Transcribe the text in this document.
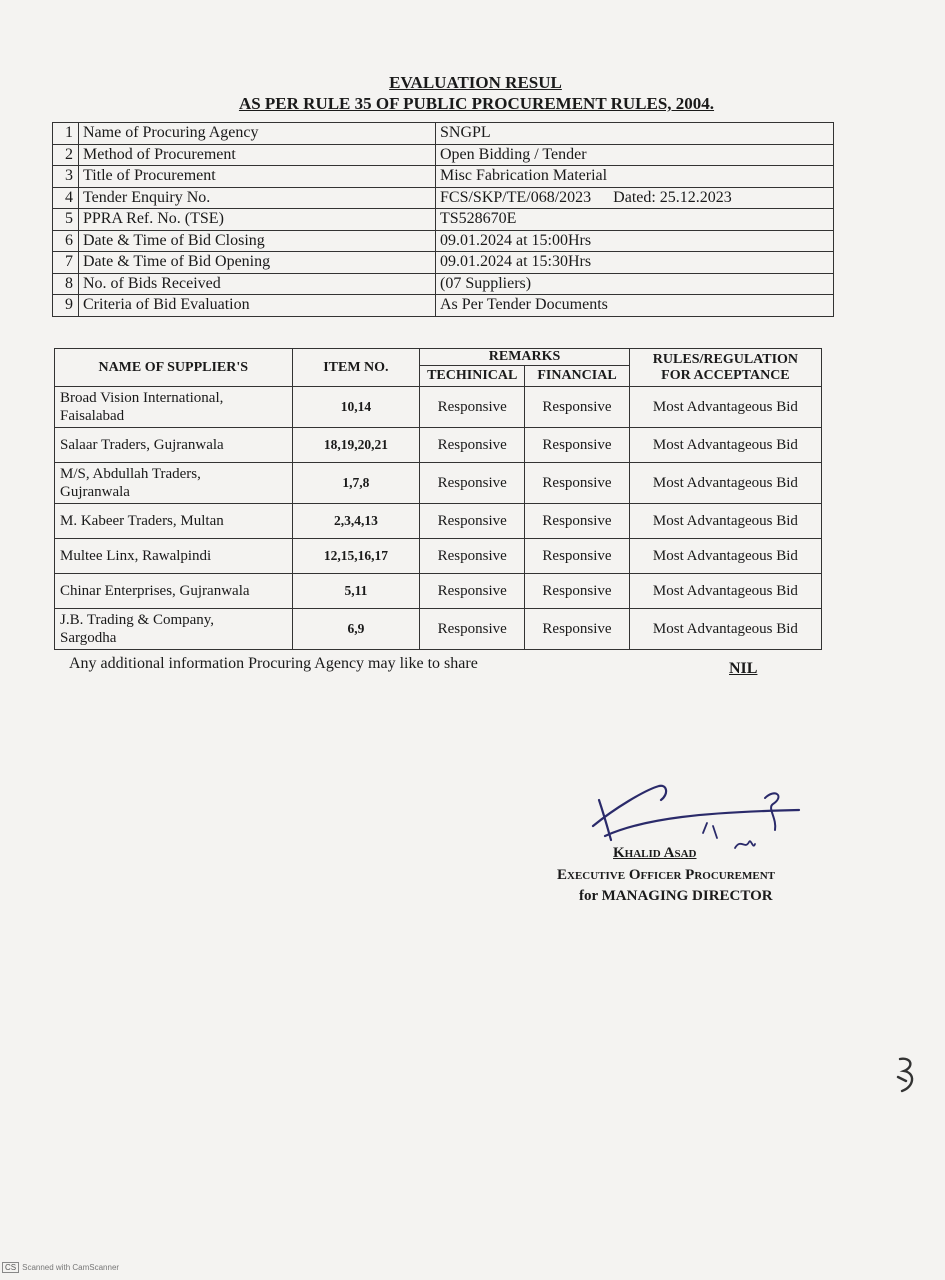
EVALUATION RESUL
AS PER RULE 35 OF PUBLIC PROCUREMENT RULES, 2004.
1	Name of Procuring Agency	SNGPL
2	Method of Procurement	Open Bidding / Tender
3	Title of Procurement	Misc Fabrication Material
4	Tender Enquiry No.	FCS/SKP/TE/068/2023 Dated: 25.12.2023
5	PPRA Ref. No. (TSE)	TS528670E
6	Date & Time of Bid Closing	09.01.2024 at 15:00Hrs
7	Date & Time of Bid Opening	09.01.2024 at 15:30Hrs
8	No. of Bids Received	(07 Suppliers)
9	Criteria of Bid Evaluation	As Per Tender Documents
NAME OF SUPPLIER'S	ITEM NO.	REMARKS		RULES/REGULATION
FOR ACCEPTANCE

		TECHINICAL	FINANCIAL	

Broad Vision International,
Faisalabad	10,14	Responsive	Responsive	Most Advantageous Bid

Salaar Traders, Gujranwala	18,19,20,21	Responsive	Responsive	Most Advantageous Bid

M/S, Abdullah Traders,
Gujranwala	1,7,8	Responsive	Responsive	Most Advantageous Bid

M. Kabeer Traders, Multan	2,3,4,13	Responsive	Responsive	Most Advantageous Bid

Multee Linx, Rawalpindi	12,15,16,17	Responsive	Responsive	Most Advantageous Bid

Chinar Enterprises, Gujranwala	5,11	Responsive	Responsive	Most Advantageous Bid

J.B. Trading & Company,
Sargodha	6,9	Responsive	Responsive	Most Advantageous Bid
Any additional information Procuring Agency may like to share	NIL
Khalid Asad
Executive Officer Procurement
for MANAGING DIRECTOR
CS Scanned with CamScanner
